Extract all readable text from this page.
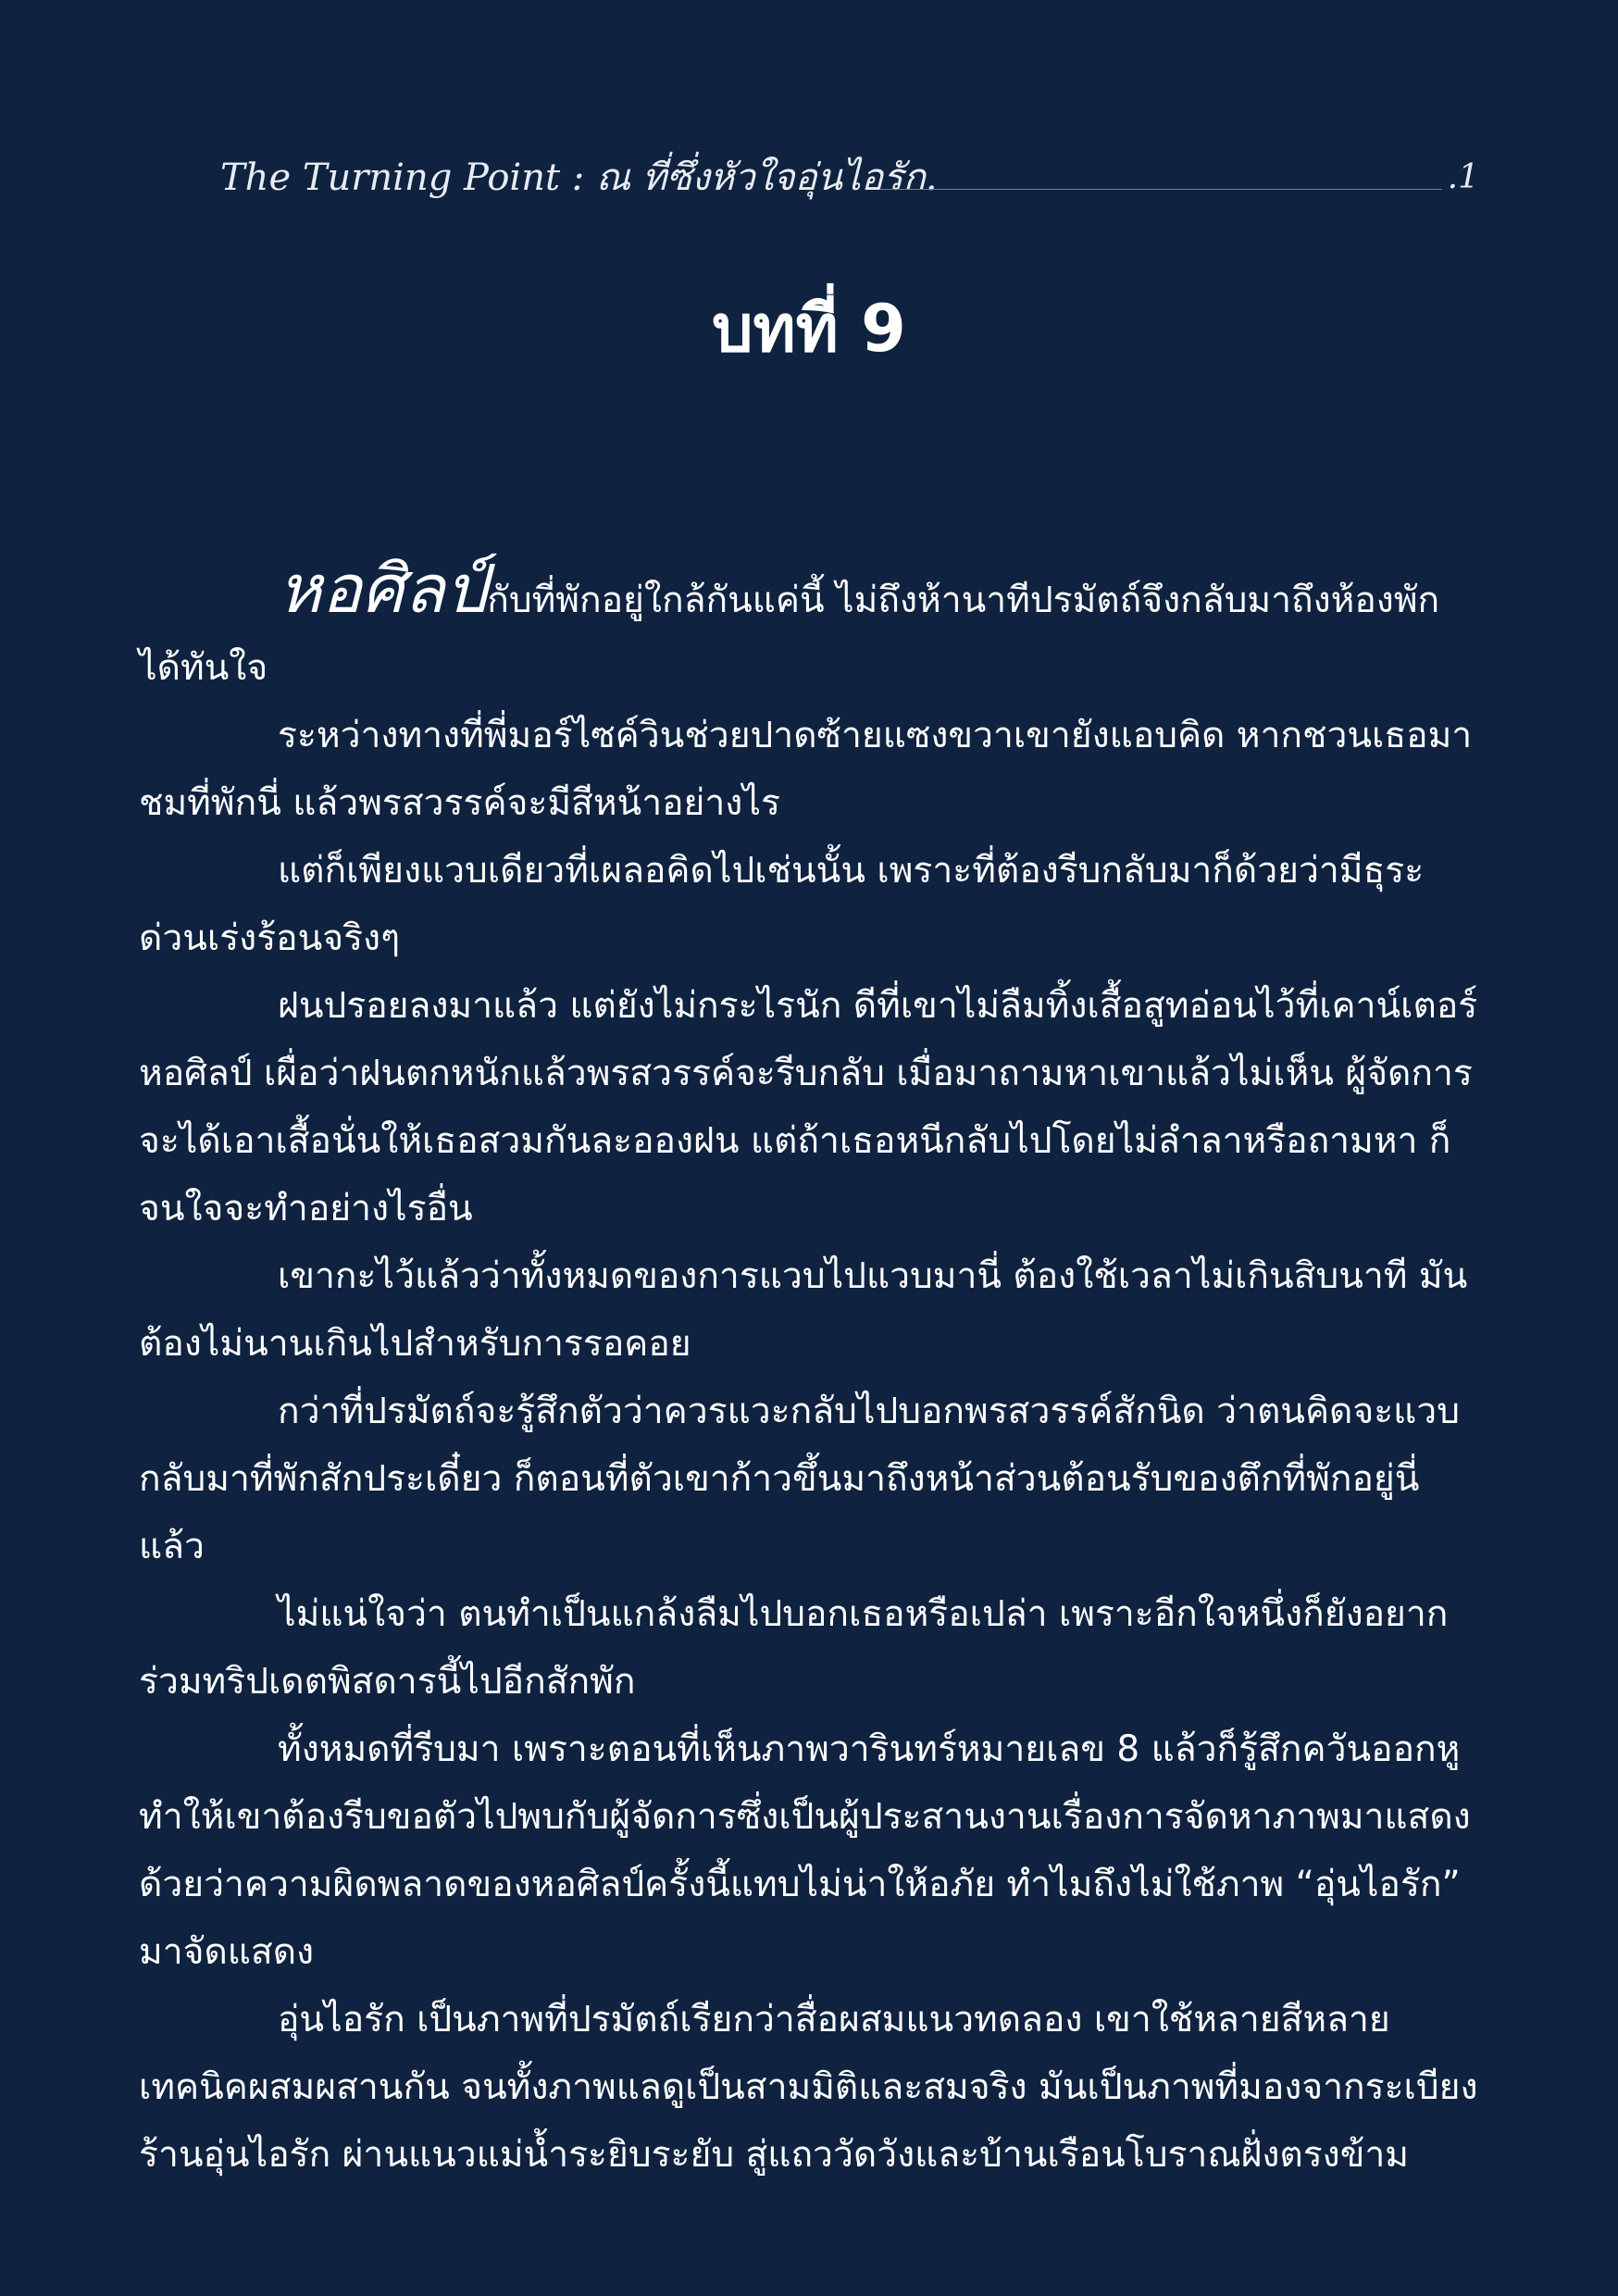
The Turning Point : ณ ที่ซึ่งหัวใจอุ่นไอรัก.	.1
บทที่ 9

หอศิลป์กับที่พักอยู่ใกล้กันแค่นี้ ไม่ถึงห้านาทีปรมัตถ์จึงกลับมาถึงห้องพักได้ทันใจ

ระหว่างทางที่พี่มอร์ไซค์วินช่วยปาดซ้ายแซงขวาเขายังแอบคิด หากชวนเธอมาชมที่พักนี่ แล้วพรสวรรค์จะมีสีหน้าอย่างไร

แต่ก็เพียงแวบเดียวที่เผลอคิดไปเช่นนั้น เพราะที่ต้องรีบกลับมาก็ด้วยว่ามีธุระด่วนเร่งร้อนจริงๆ

ฝนปรอยลงมาแล้ว แต่ยังไม่กระไรนัก ดีที่เขาไม่ลืมทิ้งเสื้อสูทอ่อนไว้ที่เคาน์เตอร์หอศิลป์ เผื่อว่าฝนตกหนักแล้วพรสวรรค์จะรีบกลับ เมื่อมาถามหาเขาแล้วไม่เห็น ผู้จัดการจะได้เอาเสื้อนั่นให้เธอสวมกันละอองฝน แต่ถ้าเธอหนีกลับไปโดยไม่ลำลาหรือถามหา ก็จนใจจะทำอย่างไรอื่น

เขากะไว้แล้วว่าทั้งหมดของการแวบไปแวบมานี่ ต้องใช้เวลาไม่เกินสิบนาที มันต้องไม่นานเกินไปสำหรับการรอคอย

กว่าที่ปรมัตถ์จะรู้สึกตัวว่าควรแวะกลับไปบอกพรสวรรค์สักนิด ว่าตนคิดจะแวบกลับมาที่พักสักประเดี๋ยว ก็ตอนที่ตัวเขาก้าวขึ้นมาถึงหน้าส่วนต้อนรับของตึกที่พักอยู่นี่แล้ว

ไม่แน่ใจว่า ตนทำเป็นแกล้งลืมไปบอกเธอหรือเปล่า เพราะอีกใจหนึ่งก็ยังอยากร่วมทริปเดตพิสดารนี้ไปอีกสักพัก

ทั้งหมดที่รีบมา เพราะตอนที่เห็นภาพวารินทร์หมายเลข 8 แล้วก็รู้สึกควันออกหูทำให้เขาต้องรีบขอตัวไปพบกับผู้จัดการซึ่งเป็นผู้ประสานงานเรื่องการจัดหาภาพมาแสดงด้วยว่าความผิดพลาดของหอศิลป์ครั้งนี้แทบไม่น่าให้อภัย ทำไมถึงไม่ใช้ภาพ “อุ่นไอรัก” มาจัดแสดง

อุ่นไอรัก เป็นภาพที่ปรมัตถ์เรียกว่าสื่อผสมแนวทดลอง เขาใช้หลายสีหลายเทคนิคผสมผสานกัน จนทั้งภาพแลดูเป็นสามมิติและสมจริง มันเป็นภาพที่มองจากระเบียงร้านอุ่นไอรัก ผ่านแนวแม่น้ำระยิบระยับ สู่แถววัดวังและบ้านเรือนโบราณฝั่งตรงข้าม
